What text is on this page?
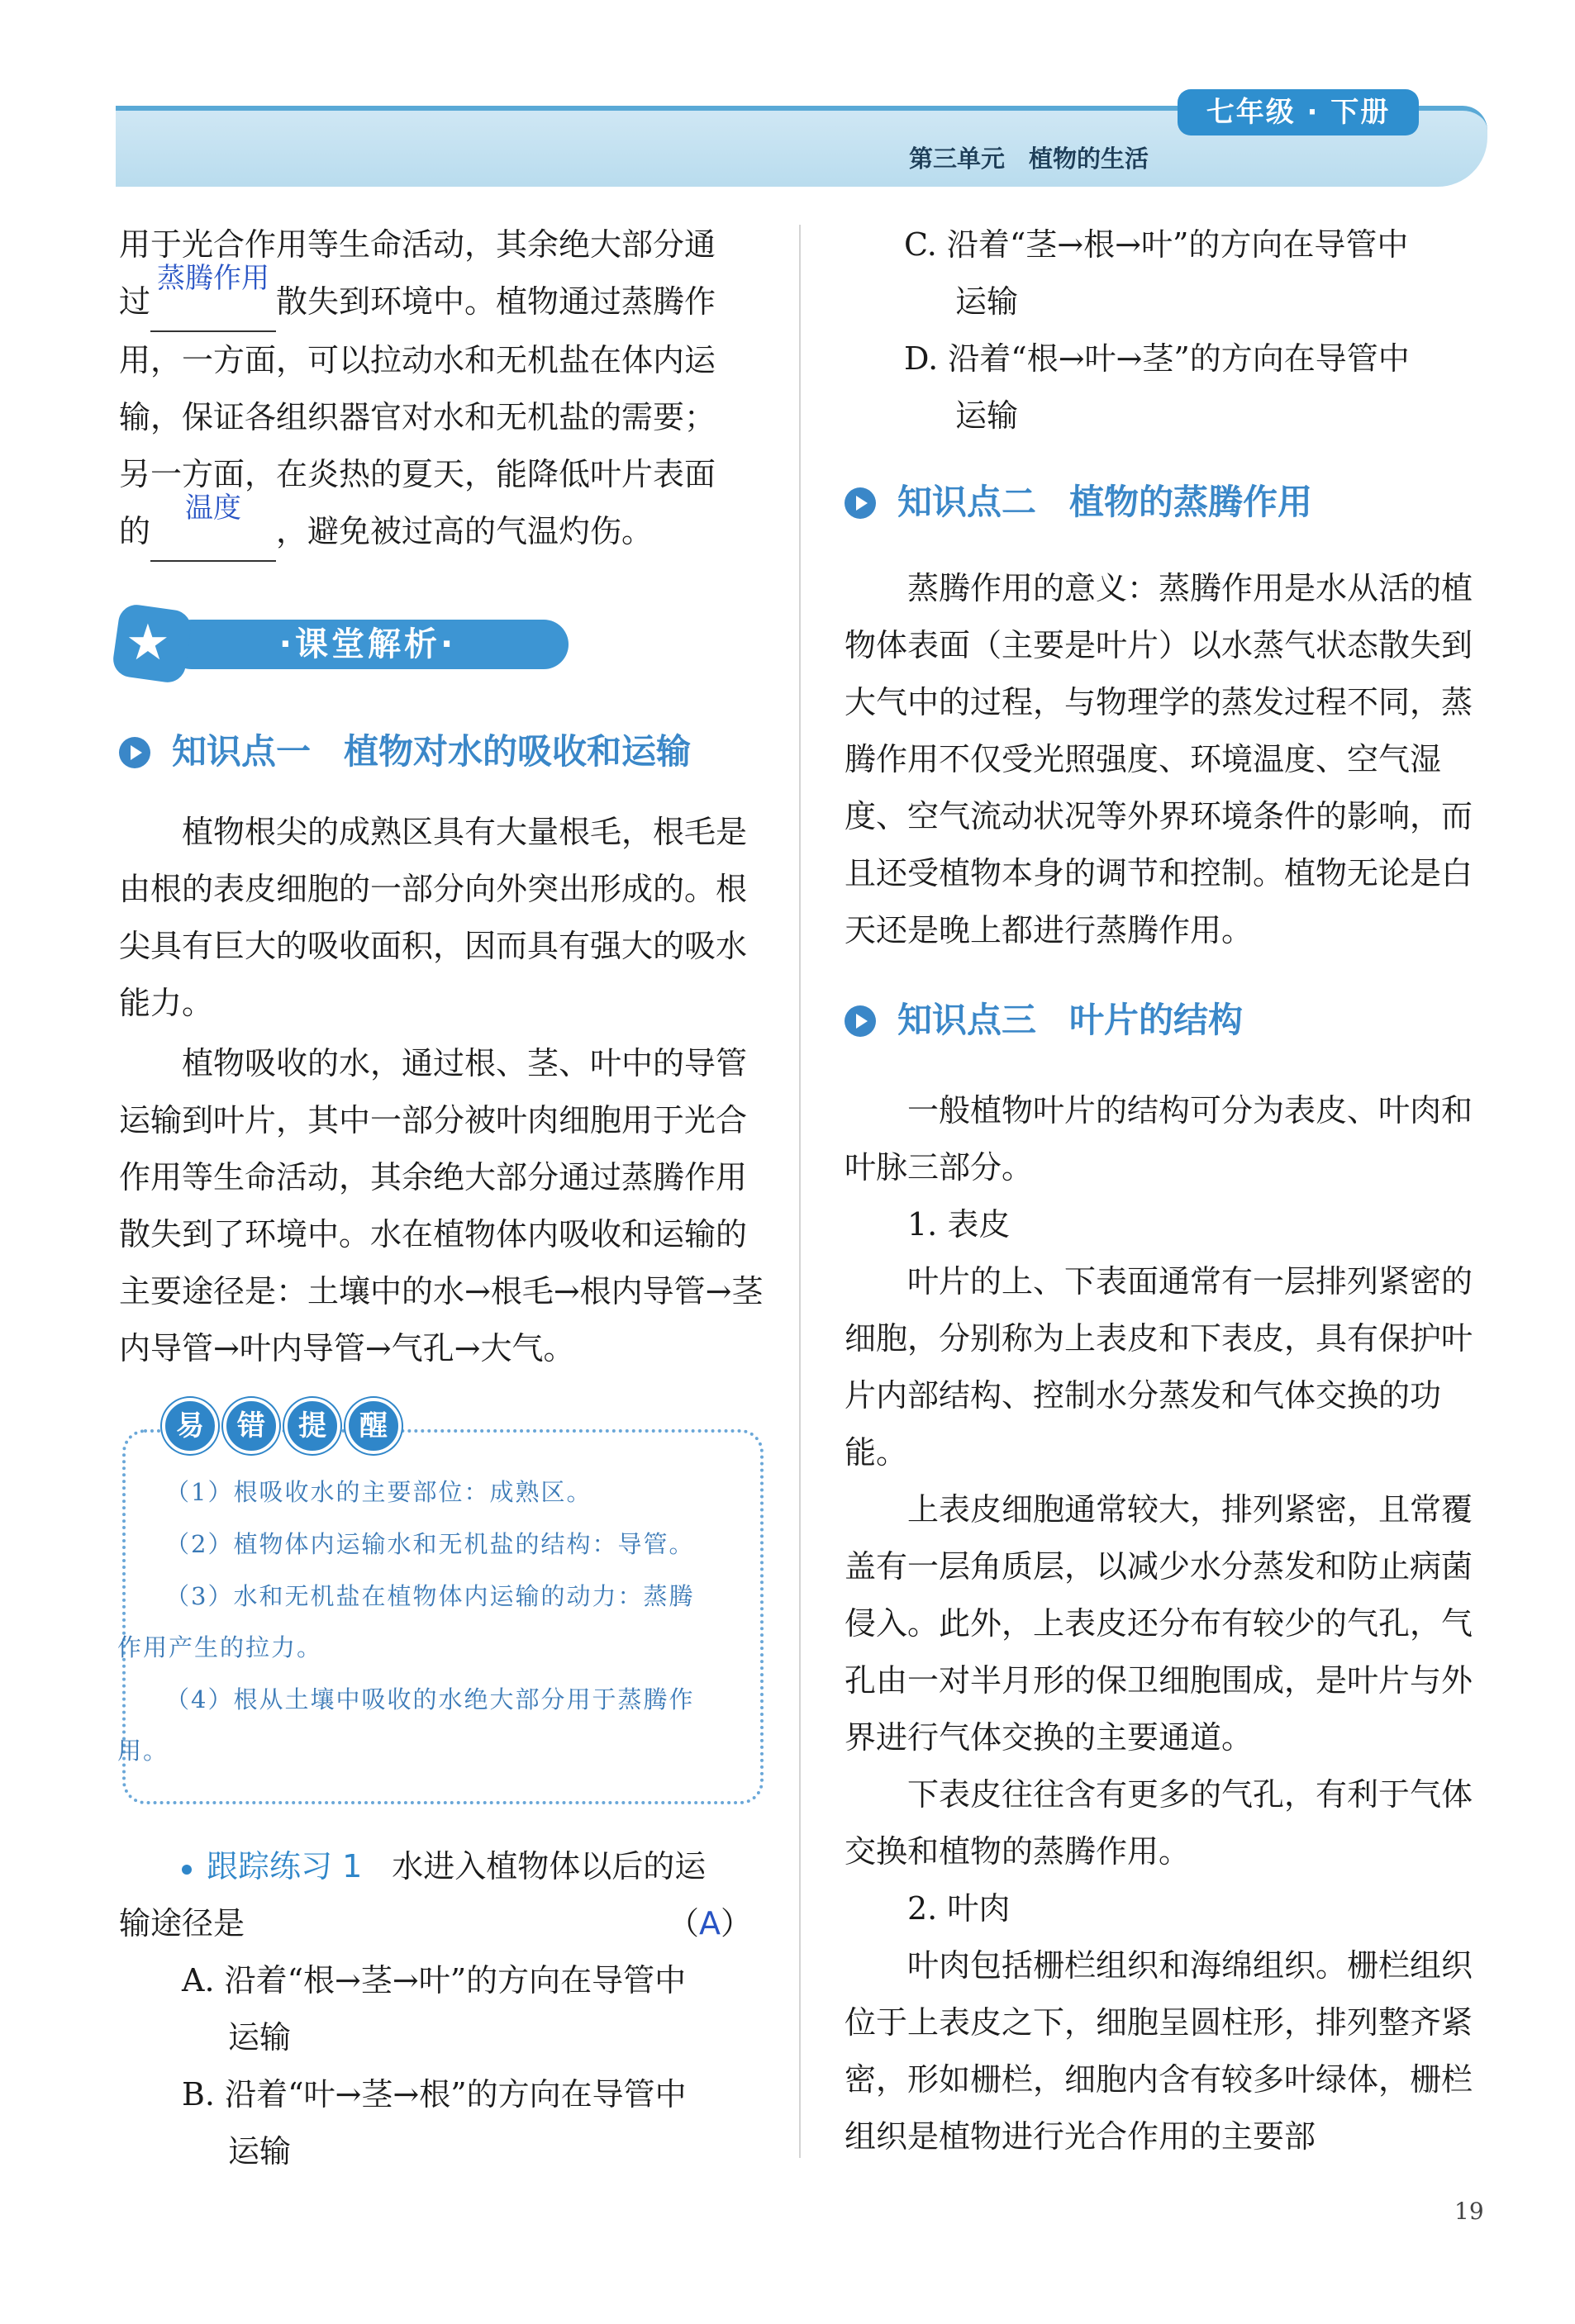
七年级 · 下册
第三单元　植物的生活
用于光合作用等生命活动，其余绝大部分通
过
蒸腾作用
散失到环境中。植物通过蒸腾作
用，一方面，可以拉动水和无机盐在体内运
输，保证各组织器官对水和无机盐的需要；
另一方面，在炎热的夏天，能降低叶片表面
的
温度
，避免被过高的气温灼伤。
·课堂解析·
★
知识点一 植物对水的吸收和运输

植物根尖的成熟区具有大量根毛，根毛是由根的表皮细胞的一部分向外突出形成的。根尖具有巨大的吸收面积，因而具有强大的吸水能力。

植物吸收的水，通过根、茎、叶中的导管运输到叶片，其中一部分被叶肉细胞用于光合作用等生命活动，其余绝大部分通过蒸腾作用散失到了环境中。水在植物体内吸收和运输的主要途径是：土壤中的水→根毛→根内导管→茎内导管→叶内导管→气孔→大气。

易 错 提 醒

（1）根吸收水的主要部位：成熟区。

（2）植物体内运输水和无机盐的结构：导管。

（3）水和无机盐在植物体内运输的动力：蒸腾作用产生的拉力。

（4）根从土壤中吸收的水绝大部分用于蒸腾作用。

跟踪练习 1 水进入植物体以后的运
输途径是	（A）
A. 沿着“根→茎→叶”的方向在导管中
运输
B. 沿着“叶→茎→根”的方向在导管中
运输
C. 沿着“茎→根→叶”的方向在导管中
运输
D. 沿着“根→叶→茎”的方向在导管中
运输
知识点二 植物的蒸腾作用

蒸腾作用的意义：蒸腾作用是水从活的植物体表面（主要是叶片）以水蒸气状态散失到大气中的过程，与物理学的蒸发过程不同，蒸腾作用不仅受光照强度、环境温度、空气湿度、空气流动状况等外界环境条件的影响，而且还受植物本身的调节和控制。植物无论是白天还是晚上都进行蒸腾作用。

知识点三 叶片的结构

一般植物叶片的结构可分为表皮、叶肉和叶脉三部分。

1. 表皮

叶片的上、下表面通常有一层排列紧密的细胞，分别称为上表皮和下表皮，具有保护叶片内部结构、控制水分蒸发和气体交换的功能。

上表皮细胞通常较大，排列紧密，且常覆盖有一层角质层，以减少水分蒸发和防止病菌侵入。此外，上表皮还分布有较少的气孔，气孔由一对半月形的保卫细胞围成，是叶片与外界进行气体交换的主要通道。

下表皮往往含有更多的气孔，有利于气体交换和植物的蒸腾作用。

2. 叶肉

叶肉包括栅栏组织和海绵组织。栅栏组织位于上表皮之下，细胞呈圆柱形，排列整齐紧密，形如栅栏，细胞内含有较多叶绿体，栅栏组织是植物进行光合作用的主要部

19
